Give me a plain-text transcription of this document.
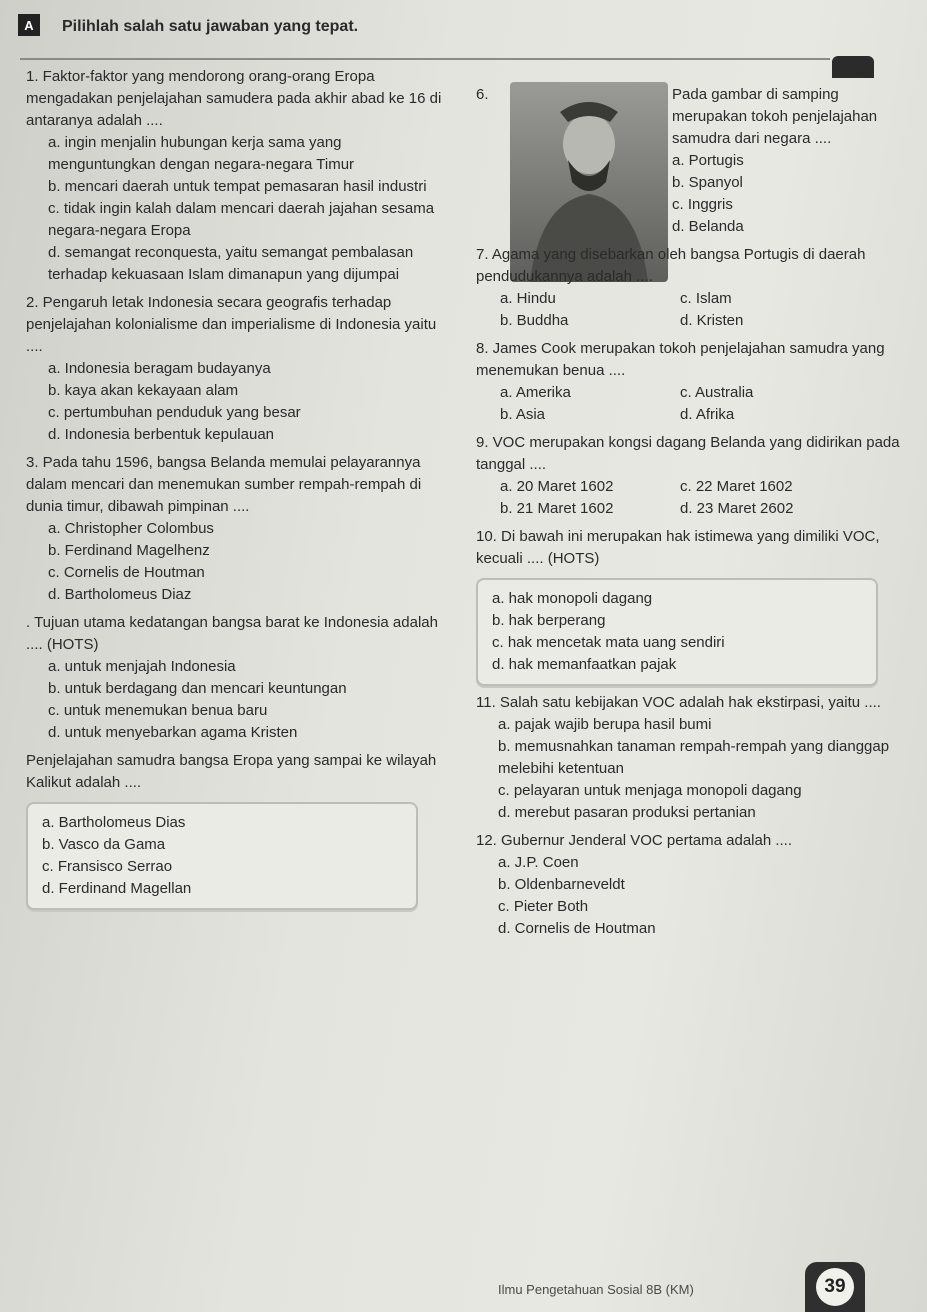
A	Pilihlah salah satu jawaban yang tepat.
1. Faktor-faktor yang mendorong orang-orang Eropa mengadakan penjelajahan samudera pada akhir abad ke 16 di antaranya adalah ....
a. ingin menjalin hubungan kerja sama yang menguntungkan dengan negara-negara Timur
b. mencari daerah untuk tempat pemasaran hasil industri
c. tidak ingin kalah dalam mencari daerah jajahan sesama negara-negara Eropa
d. semangat reconquesta, yaitu semangat pembalasan terhadap kekuasaan Islam dimanapun yang dijumpai
2. Pengaruh letak Indonesia secara geografis terhadap penjelajahan kolonialisme dan imperialisme di Indonesia yaitu ....
a. Indonesia beragam budayanya
b. kaya akan kekayaan alam
c. pertumbuhan penduduk yang besar
d. Indonesia berbentuk kepulauan
3. Pada tahu 1596, bangsa Belanda memulai pelayarannya dalam mencari dan menemukan sumber rempah-rempah di dunia timur, dibawah pimpinan ....
a. Christopher Colombus
b. Ferdinand Magelhenz
c. Cornelis de Houtman
d. Bartholomeus Diaz
. Tujuan utama kedatangan bangsa barat ke Indonesia adalah .... (HOTS)
a. untuk menjajah Indonesia
b. untuk berdagang dan mencari keuntungan
c. untuk menemukan benua baru
d. untuk menyebarkan agama Kristen
Penjelajahan samudra bangsa Eropa yang sampai ke wilayah Kalikut adalah ....
a. Bartholomeus Dias
b. Vasco da Gama
c. Fransisco Serrao
d. Ferdinand Magellan
6.	Pada gambar di samping merupakan tokoh penjelajahan samudra dari negara ....
a. Portugis
b. Spanyol
c. Inggris
d. Belanda
7. Agama yang disebarkan oleh bangsa Portugis di daerah pendudukannya adalah ....
a. Hindu	c. Islam
b. Buddha	d. Kristen
8. James Cook merupakan tokoh penjelajahan samudra yang menemukan benua ....
a. Amerika	c. Australia
b. Asia	d. Afrika
9. VOC merupakan kongsi dagang Belanda yang didirikan pada tanggal ....
a. 20 Maret 1602	c. 22 Maret 1602
b. 21 Maret 1602	d. 23 Maret 2602
10. Di bawah ini merupakan hak istimewa yang dimiliki VOC, kecuali .... (HOTS)
a. hak monopoli dagang
b. hak berperang
c. hak mencetak mata uang sendiri
d. hak memanfaatkan pajak
11. Salah satu kebijakan VOC adalah hak ekstirpasi, yaitu ....
a. pajak wajib berupa hasil bumi
b. memusnahkan tanaman rempah-rempah yang dianggap melebihi ketentuan
c. pelayaran untuk menjaga monopoli dagang
d. merebut pasaran produksi pertanian
12. Gubernur Jenderal VOC pertama adalah ....
a. J.P. Coen
b. Oldenbarneveldt
c. Pieter Both
d. Cornelis de Houtman
Ilmu Pengetahuan Sosial 8B (KM)	39
